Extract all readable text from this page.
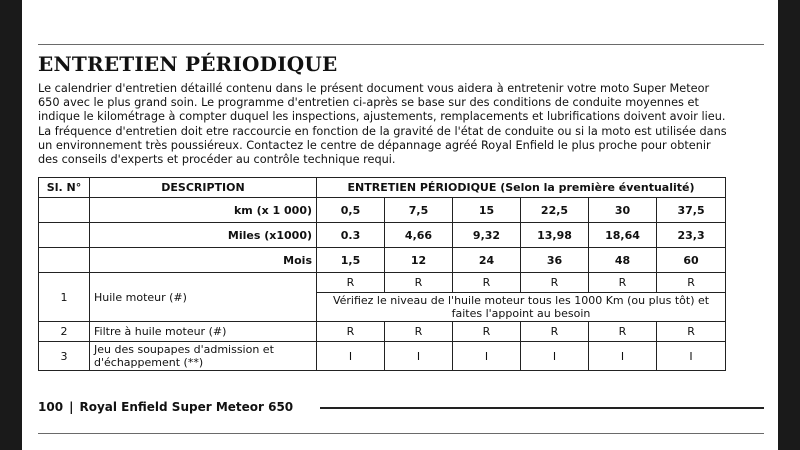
ENTRETIEN PÉRIODIQUE
Le calendrier d'entretien détaillé contenu dans le présent document vous aidera à entretenir votre moto Super Meteor 650 avec le plus grand soin. Le programme d'entretien ci-après se base sur des conditions de conduite moyennes et indique le kilométrage à compter duquel les inspections, ajustements, remplacements et lubrifications doivent avoir lieu. La fréquence d'entretien doit etre raccourcie en fonction de la gravité de l'état de conduite ou si la moto est utilisée dans un environnement très poussiéreux. Contactez le centre de dépannage agréé Royal Enfield le plus proche pour obtenir des conseils d'experts et procéder au contrôle technique requi.
Sl. N°	DESCRIPTION	ENTRETIEN PÉRIODIQUE (Selon la première éventualité)					
	km (x 1 000)	0,5	7,5	15	22,5	30	37,5
	Miles (x1000)	0.3	4,66	9,32	13,98	18,64	23,3
	Mois	1,5	12	24	36	48	60
1	Huile moteur (#)	R	R	R	R	R	R
		Vérifiez le niveau de l'huile moteur tous les 1000 Km (ou plus tôt) et faites l'appoint au besoin					
2	Filtre à huile moteur (#)	R	R	R	R	R	R
3	Jeu des soupapes d'admission et d'échappement (**)	I	I	I	I	I	I
100 | Royal Enfield Super Meteor 650
